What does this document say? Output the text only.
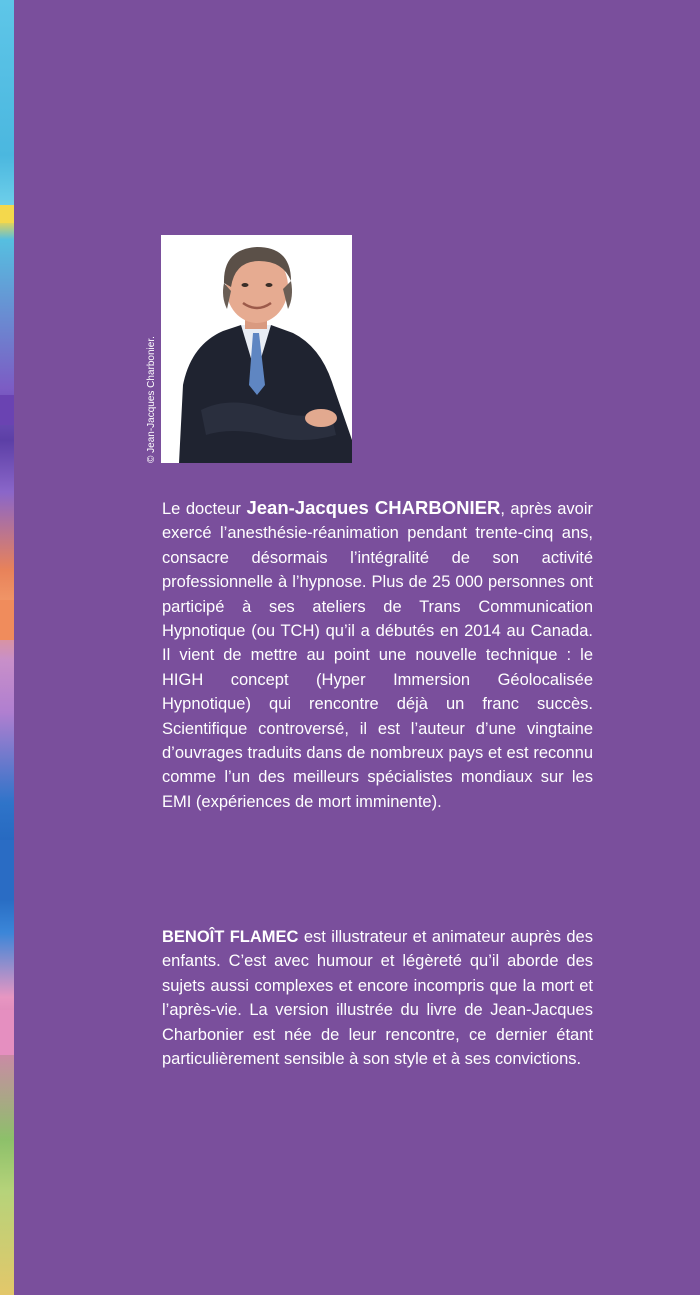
© Jean-Jacques Charbonier.

Le docteur Jean-Jacques CHARBONIER, après avoir exercé l’anesthésie-réanimation pendant trente-cinq ans, consacre désormais l’intégralité de son activité professionnelle à l’hypnose. Plus de 25 000 personnes ont participé à ses ateliers de Trans Communication Hypnotique (ou TCH) qu’il a débutés en 2014 au Canada. Il vient de mettre au point une nouvelle technique : le HIGH concept (Hyper Immersion Géolocalisée Hypnotique) qui rencontre déjà un franc succès. Scientifique controversé, il est l’auteur d’une vingtaine d’ouvrages traduits dans de nombreux pays et est reconnu comme l’un des meilleurs spécialistes mondiaux sur les EMI (expériences de mort imminente).

BENOÎT FLAMEC est illustrateur et animateur auprès des enfants. C’est avec humour et légèreté qu’il aborde des sujets aussi complexes et encore incompris que la mort et l’après-vie. La version illustrée du livre de Jean-Jacques Charbonier est née de leur rencontre, ce dernier étant particulièrement sensible à son style et à ses convictions.
